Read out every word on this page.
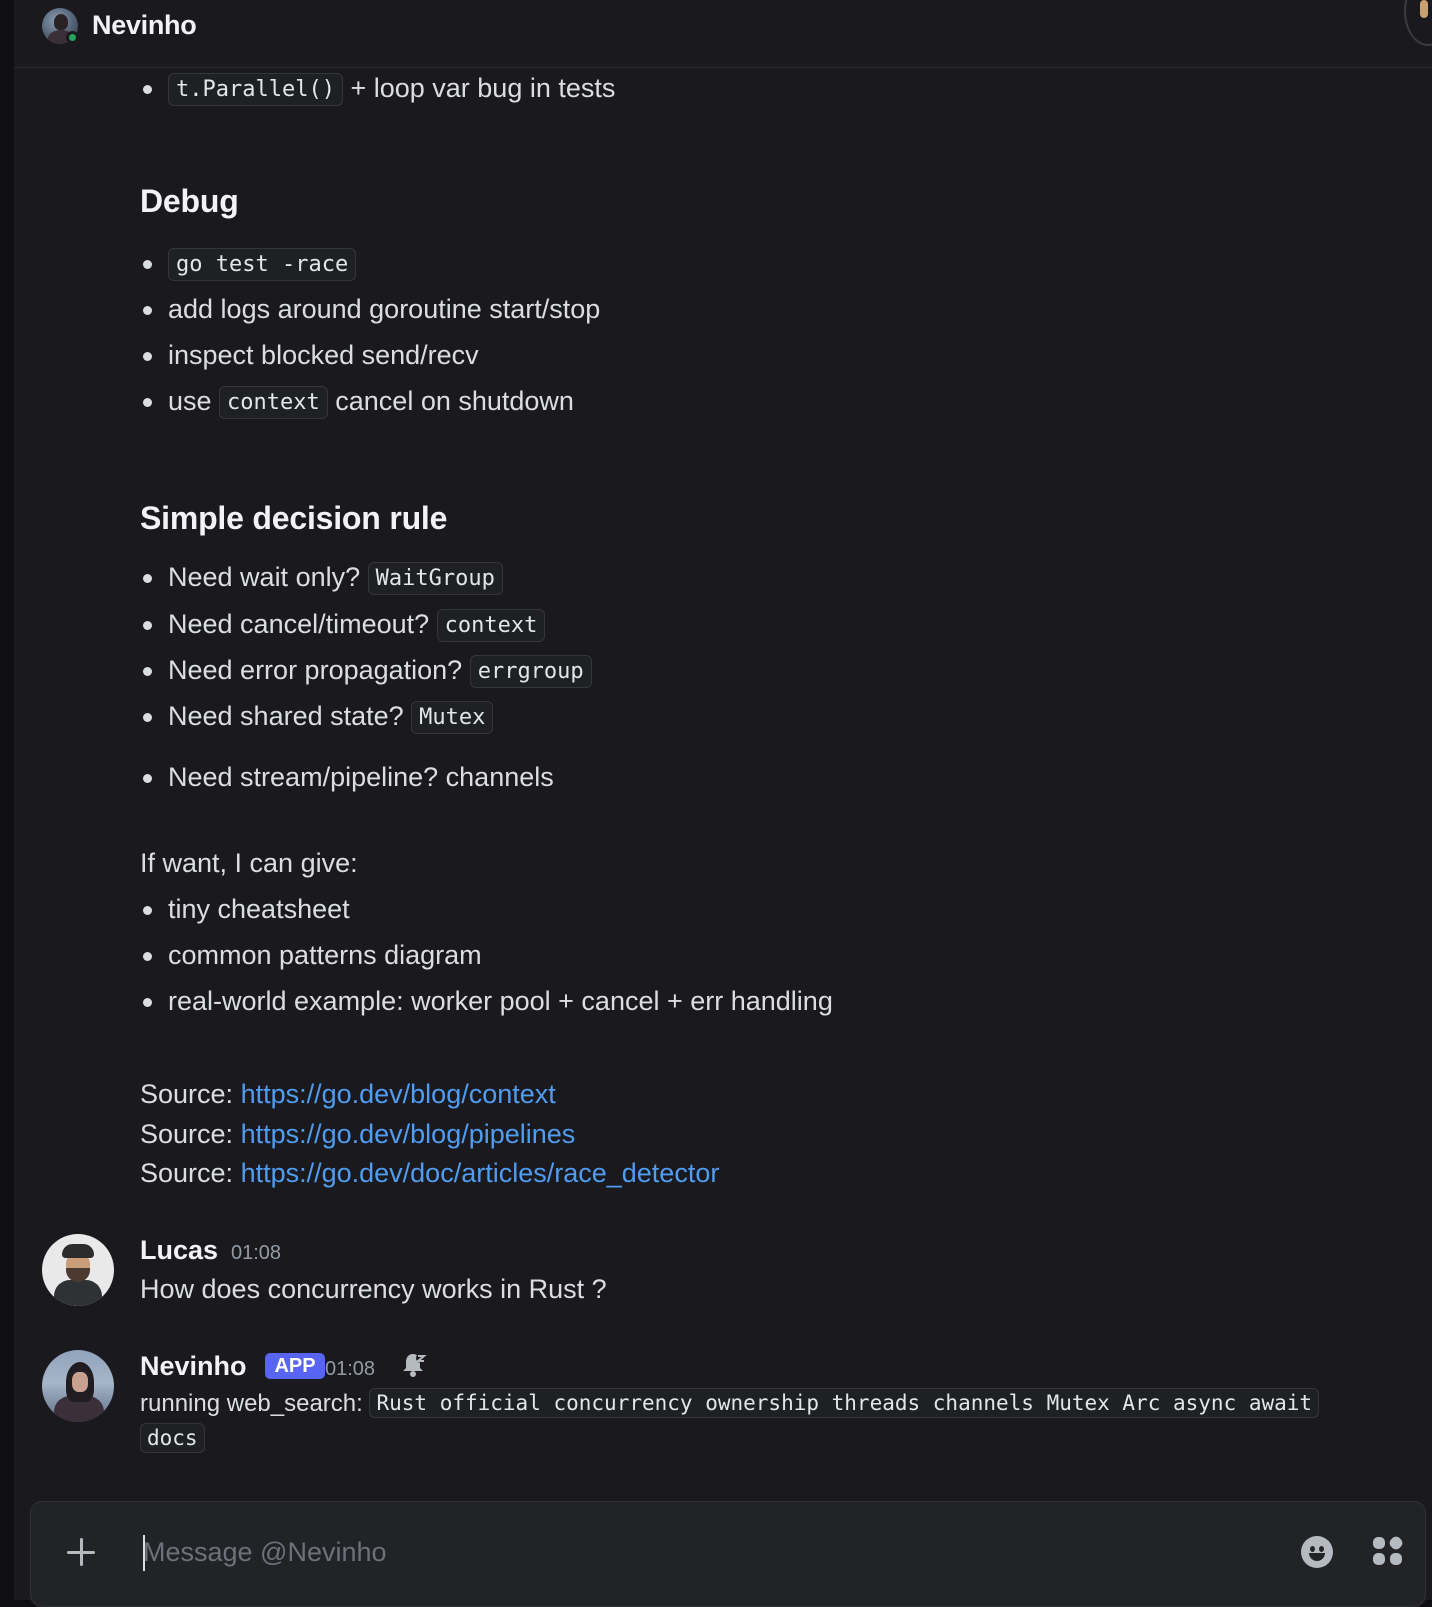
Nevinho
t.Parallel() + loop var bug in tests
Debug
go test -race
add logs around goroutine start/stop
inspect blocked send/recv
use context cancel on shutdown
Simple decision rule
Need wait only? WaitGroup
Need cancel/timeout? context
Need error propagation? errgroup
Need shared state? Mutex
Need stream/pipeline? channels
If want, I can give:
tiny cheatsheet
common patterns diagram
real-world example: worker pool + cancel + err handling
Source: https://go.dev/blog/context
Source: https://go.dev/blog/pipelines
Source: https://go.dev/doc/articles/race_detector
Lucas 01:08
How does concurrency works in Rust ?
Nevinho	APP 01:08
running web_search: Rust official concurrency ownership threads channels Mutex Arc async await
docs
Message @Nevinho
